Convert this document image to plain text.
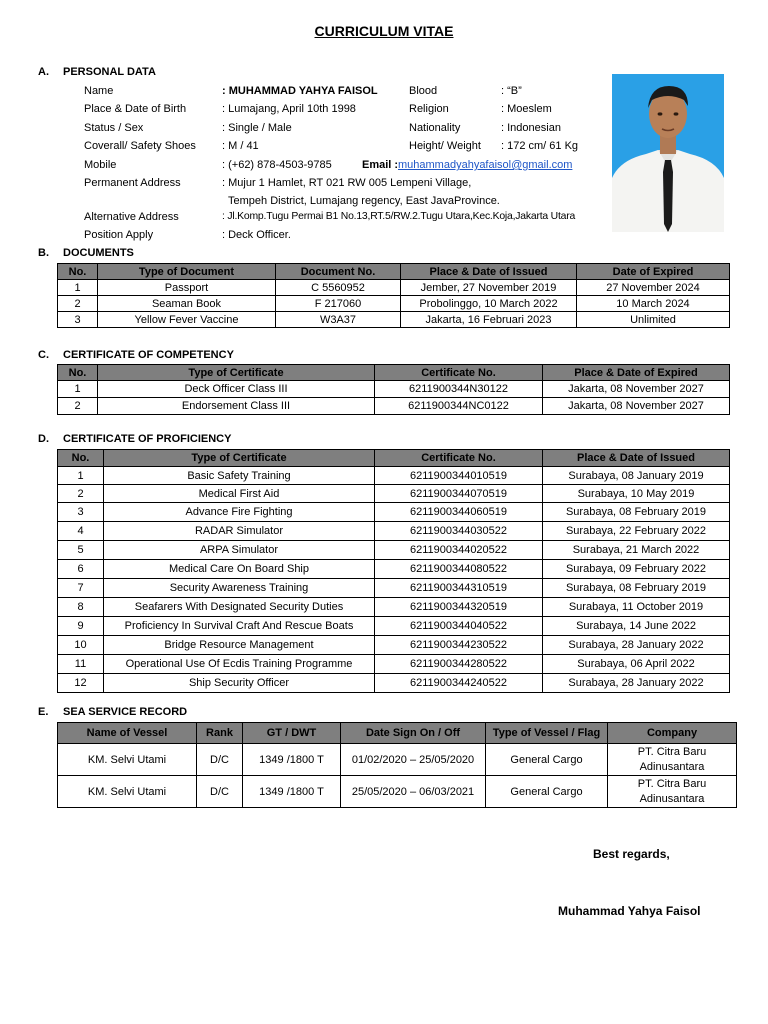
CURRICULUM VITAE
A. PERSONAL DATA
Name	: MUHAMMAD YAHYA FAISOL	Blood	: “B”
Place & Date of Birth	: Lumajang, April 10th 1998	Religion	: Moeslem
Status / Sex	: Single / Male	Nationality	: Indonesian
Coverall/ Safety Shoes : M / 41	Height/ Weight : 172 cm/ 61 Kg
Mobile	: (+62) 878-4503-9785	Email : muhammadyahyafaisol@gmail.com
Permanent Address	: Mujur 1 Hamlet, RT 021 RW 005 Lempeni Village,
Tempeh District, Lumajang regency, East JavaProvince.
Alternative Address	: Jl.Komp.Tugu Permai B1 No.13,RT.5/RW.2.Tugu Utara,Kec.Koja,Jakarta Utara
Position Apply	: Deck Officer.
B. DOCUMENTS
No.	Type of Document	Document No.	Place & Date of Issued	Date of Expired
1	Passport	C 5560952	Jember, 27 November 2019	27 November 2024
2	Seaman Book	F 217060	Probolinggo, 10 March 2022	10 March 2024
3	Yellow Fever Vaccine	W3A37	Jakarta, 16 Februari 2023	Unlimited
C. CERTIFICATE OF COMPETENCY
No.	Type of Certificate	Certificate No.	Place & Date of Expired
1	Deck Officer Class III	6211900344N30122	Jakarta, 08 November 2027
2	Endorsement Class III	6211900344NC0122	Jakarta, 08 November 2027
D. CERTIFICATE OF PROFICIENCY
No.	Type of Certificate	Certificate No.	Place & Date of Issued
1	Basic Safety Training	6211900344010519	Surabaya, 08 January 2019
2	Medical First Aid	6211900344070519	Surabaya, 10 May 2019
3	Advance Fire Fighting	6211900344060519	Surabaya, 08 February 2019
4	RADAR Simulator	6211900344030522	Surabaya, 22 February 2022
5	ARPA Simulator	6211900344020522	Surabaya, 21 March 2022
6	Medical Care On Board Ship	6211900344080522	Surabaya, 09 February 2022
7	Security Awareness Training	6211900344310519	Surabaya, 08 February 2019
8	Seafarers With Designated Security Duties	6211900344320519	Surabaya, 11 October 2019
9	Proficiency In Survival Craft And Rescue Boats	6211900344040522	Surabaya, 14 June 2022
10	Bridge Resource Management	6211900344230522	Surabaya, 28 January 2022
11	Operational Use Of Ecdis Training Programme	6211900344280522	Surabaya, 06 April 2022
12	Ship Security Officer	6211900344240522	Surabaya, 28 January 2022
E. SEA SERVICE RECORD
Name of Vessel	Rank	GT / DWT	Date Sign On / Off	Type of Vessel / Flag	Company
KM. Selvi Utami	D/C	1349 /1800 T	01/02/2020 – 25/05/2020	General Cargo	PT. Citra Baru
Adinusantara
KM. Selvi Utami	D/C	1349 /1800 T	25/05/2020 – 06/03/2021	General Cargo	PT. Citra Baru
Adinusantara
Best regards,
Muhammad Yahya Faisol
